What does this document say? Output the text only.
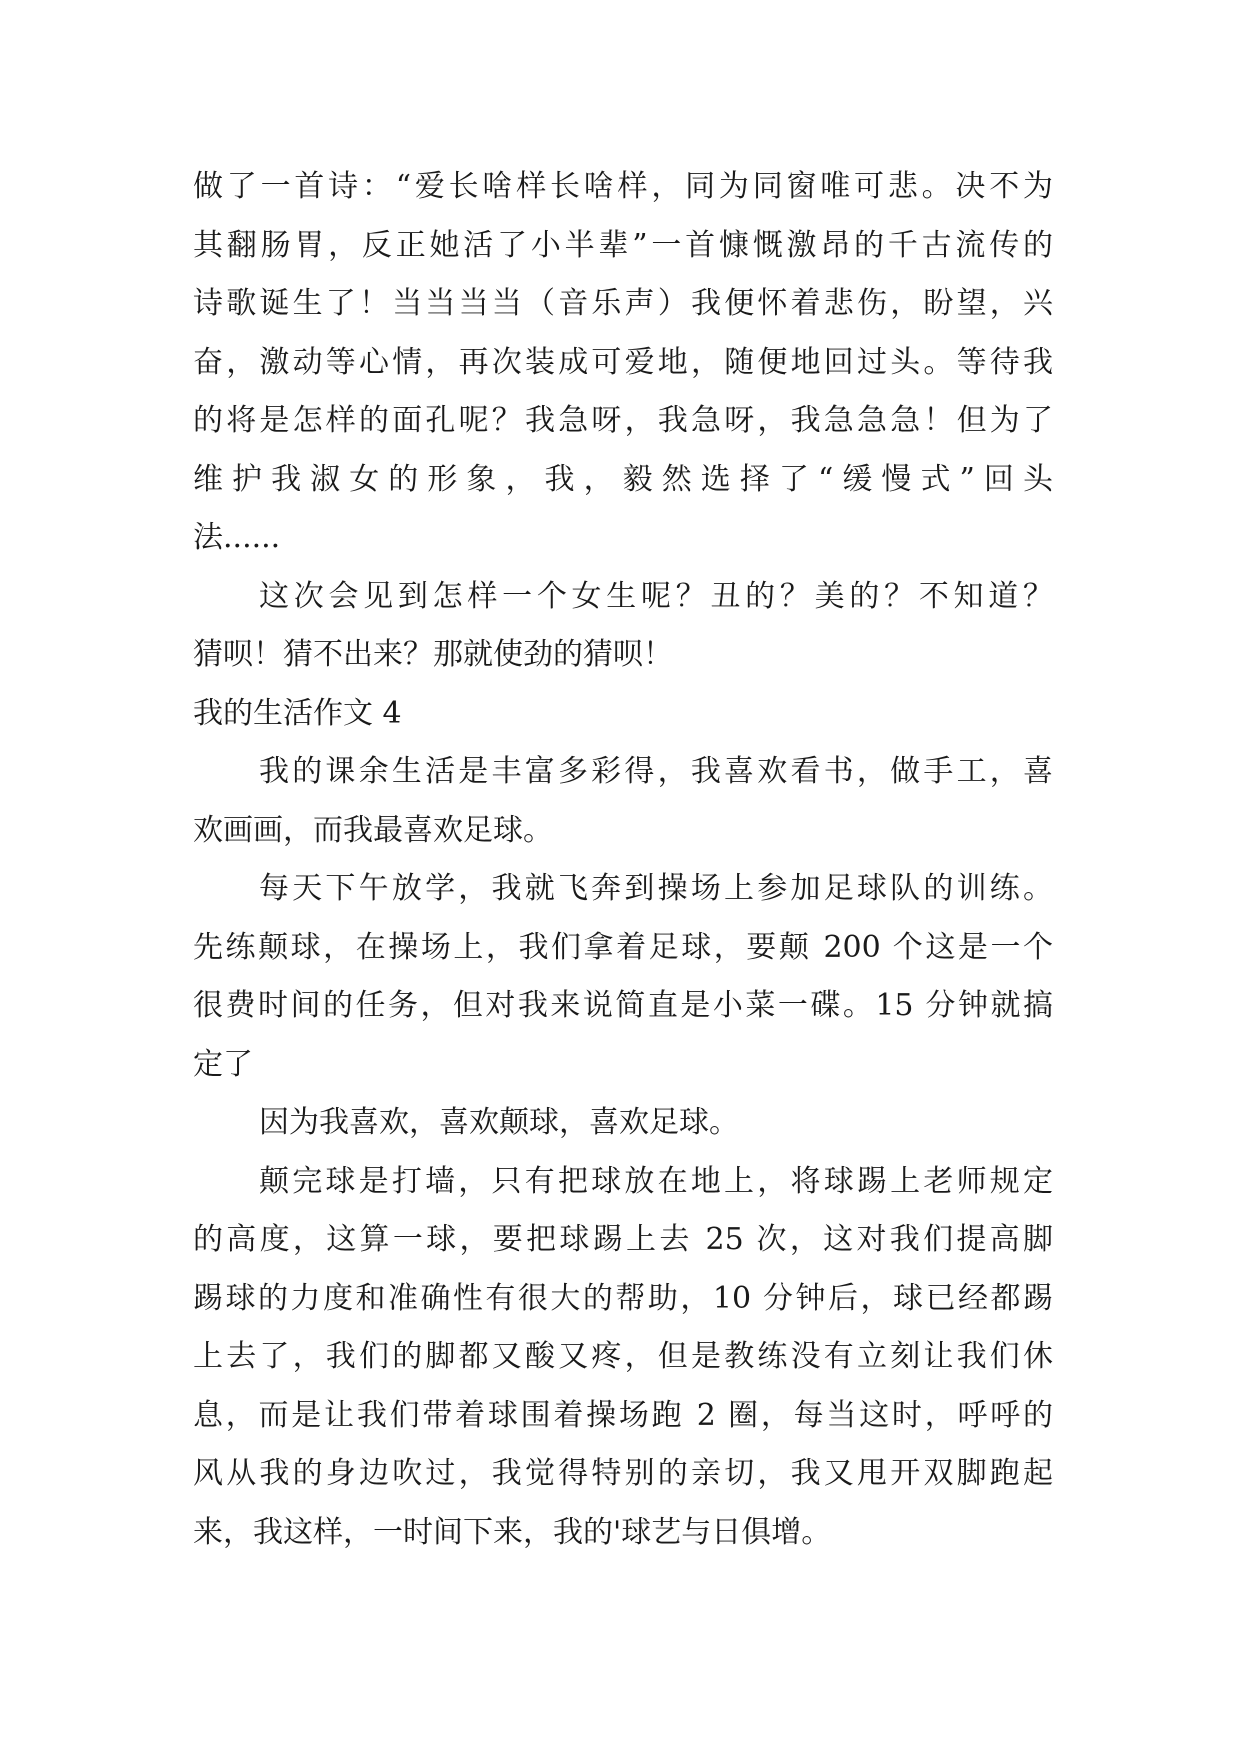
做了一首诗：“爱长啥样长啥样，同为同窗唯可悲。决不为
其翻肠胃，反正她活了小半辈”一首慷慨激昂的千古流传的
诗歌诞生了！当当当当（音乐声）我便怀着悲伤，盼望，兴
奋，激动等心情，再次装成可爱地，随便地回过头。等待我
的将是怎样的面孔呢？我急呀，我急呀，我急急急！但为了
维护我淑女的形象，我，毅然选择了“缓慢式”回头
法......
这次会见到怎样一个女生呢？丑的？美的？不知道？
猜呗！猜不出来？那就使劲的猜呗！
我的生活作文 4
我的课余生活是丰富多彩得，我喜欢看书，做手工，喜
欢画画，而我最喜欢足球。
每天下午放学，我就飞奔到操场上参加足球队的训练。
先练颠球，在操场上，我们拿着足球，要颠 200 个这是一个
很费时间的任务，但对我来说简直是小菜一碟。15 分钟就搞
定了
因为我喜欢，喜欢颠球，喜欢足球。
颠完球是打墙，只有把球放在地上，将球踢上老师规定
的高度，这算一球，要把球踢上去 25 次，这对我们提高脚
踢球的力度和准确性有很大的帮助，10 分钟后，球已经都踢
上去了，我们的脚都又酸又疼，但是教练没有立刻让我们休
息，而是让我们带着球围着操场跑 2 圈，每当这时，呼呼的
风从我的身边吹过，我觉得特别的亲切，我又甩开双脚跑起
来，我这样，一时间下来，我的'球艺与日俱增。
